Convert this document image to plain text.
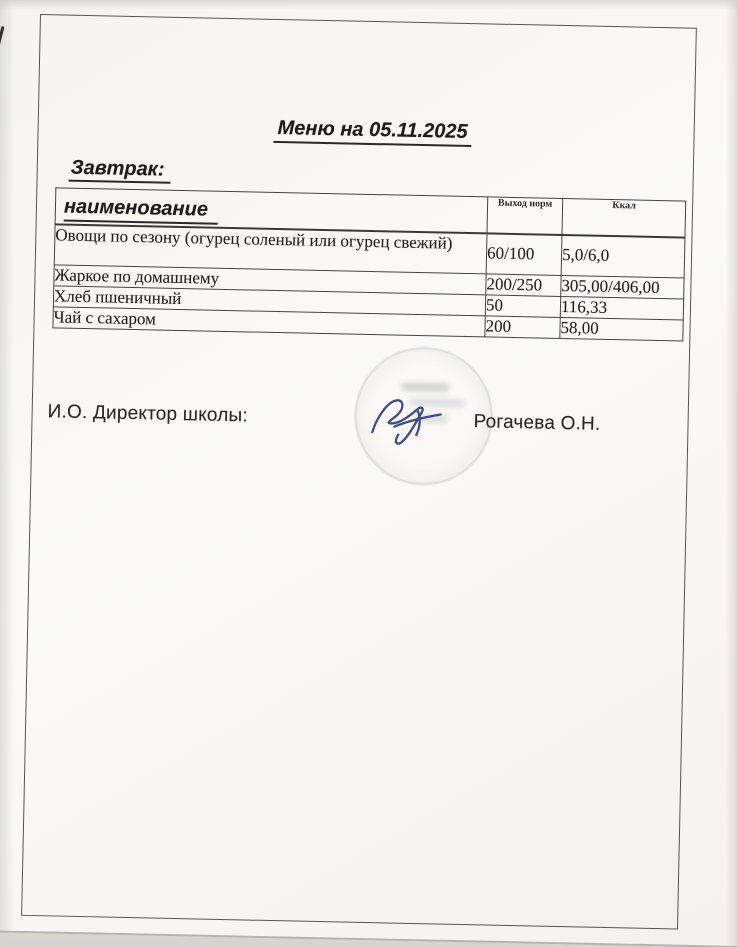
Меню на 05.11.2025
Завтрак:
наименование	Выход норм	Ккал
Овощи по сезону (огурец соленый или огурец свежий)	60/100	5,0/6,0
Жаркое по домашнему	200/250	305,00/406,00
Хлеб пшеничный	50	116,33
Чай с сахаром	200	58,00
И.О. Директор школы:	Рогачева О.Н.
